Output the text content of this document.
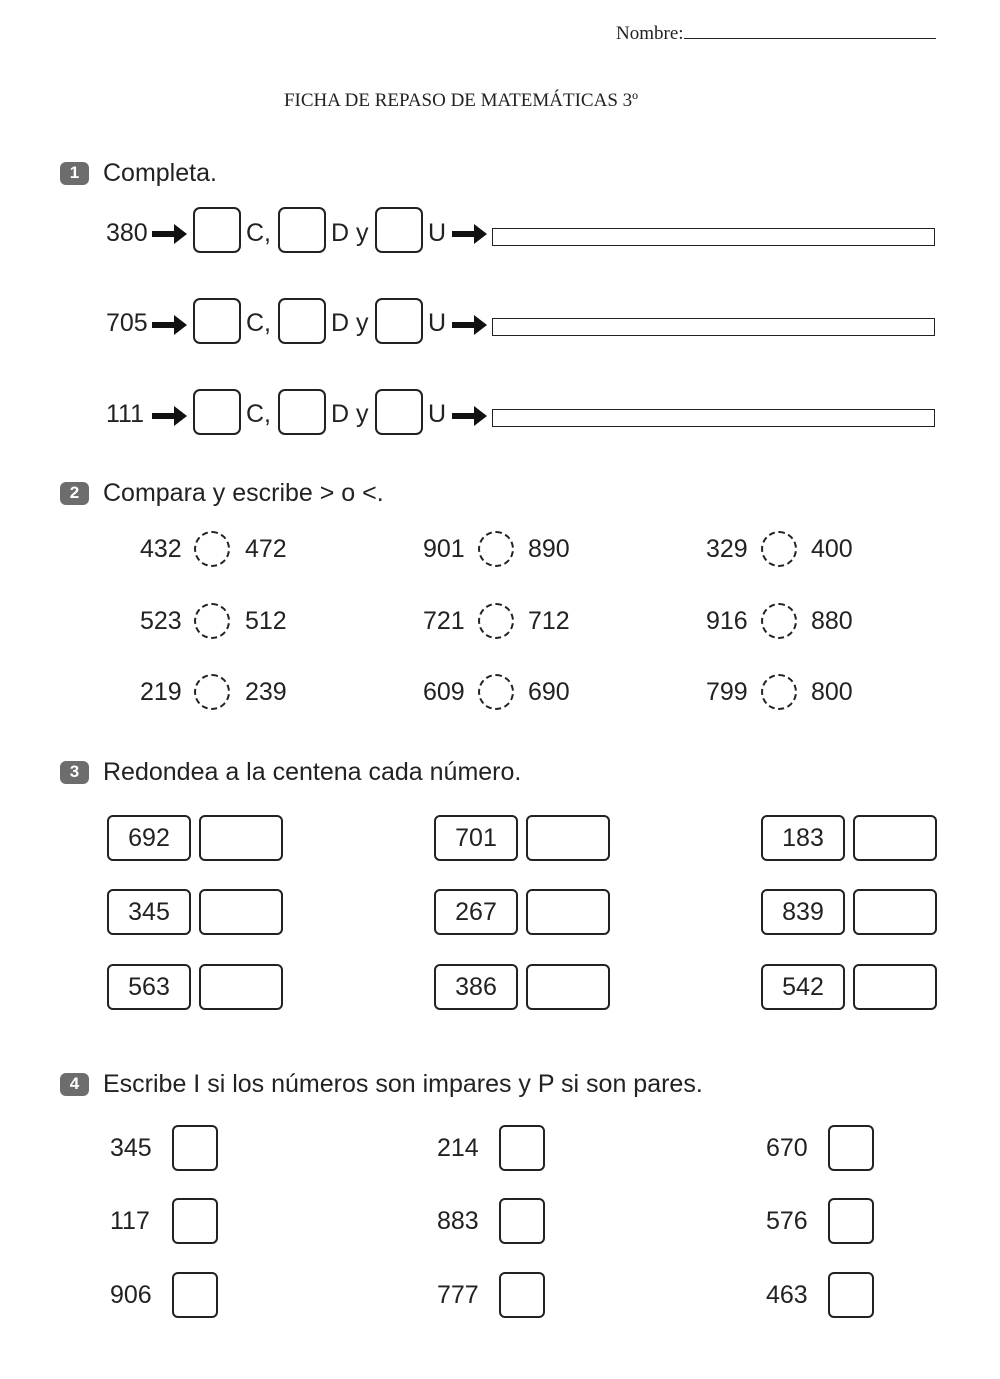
Nombre:
FICHA DE REPASO DE MATEMÁTICAS 3º
1 Completa.
380	C, D y U
705	C, D y U
111	C, D y U
2 Compara y escribe > o <.
432	472	901	890	329	400
523	512	721	712	916	880
219	239	609	690	799	800
3 Redondea a la centena cada número.
692	701	183
345	267	839
563	386	542
4 Escribe I si los números son impares y P si son pares.
345	214	670
117	883	576
906	777	463
